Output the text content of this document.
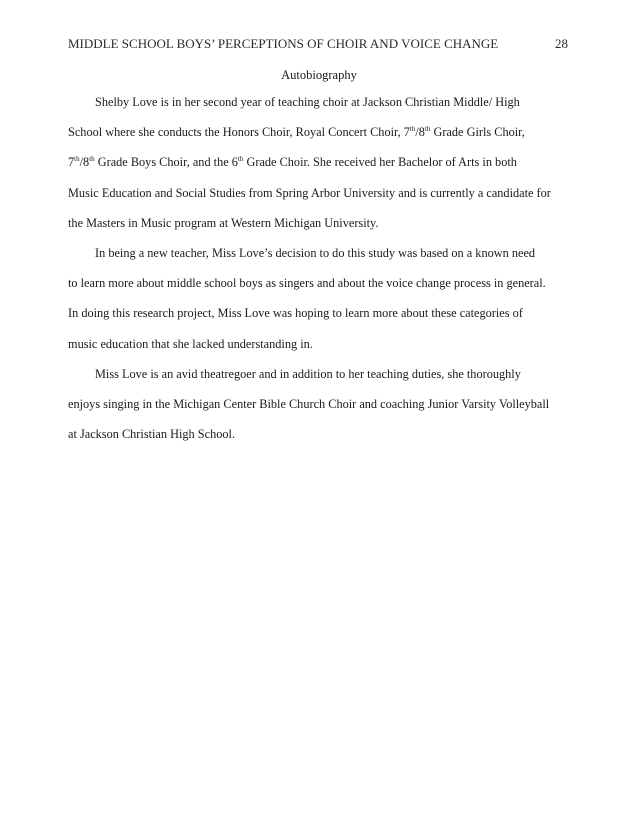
MIDDLE SCHOOL BOYS’ PERCEPTIONS OF CHOIR AND VOICE CHANGE	28
Autobiography

Shelby Love is in her second year of teaching choir at Jackson Christian Middle/ High
School where she conducts the Honors Choir, Royal Concert Choir, 7th/8th Grade Girls Choir,
7th/8th Grade Boys Choir, and the 6th Grade Choir. She received her Bachelor of Arts in both
Music Education and Social Studies from Spring Arbor University and is currently a candidate for
the Masters in Music program at Western Michigan University.

In being a new teacher, Miss Love’s decision to do this study was based on a known need
to learn more about middle school boys as singers and about the voice change process in general.
In doing this research project, Miss Love was hoping to learn more about these categories of
music education that she lacked understanding in.

Miss Love is an avid theatregoer and in addition to her teaching duties, she thoroughly
enjoys singing in the Michigan Center Bible Church Choir and coaching Junior Varsity Volleyball
at Jackson Christian High School.
